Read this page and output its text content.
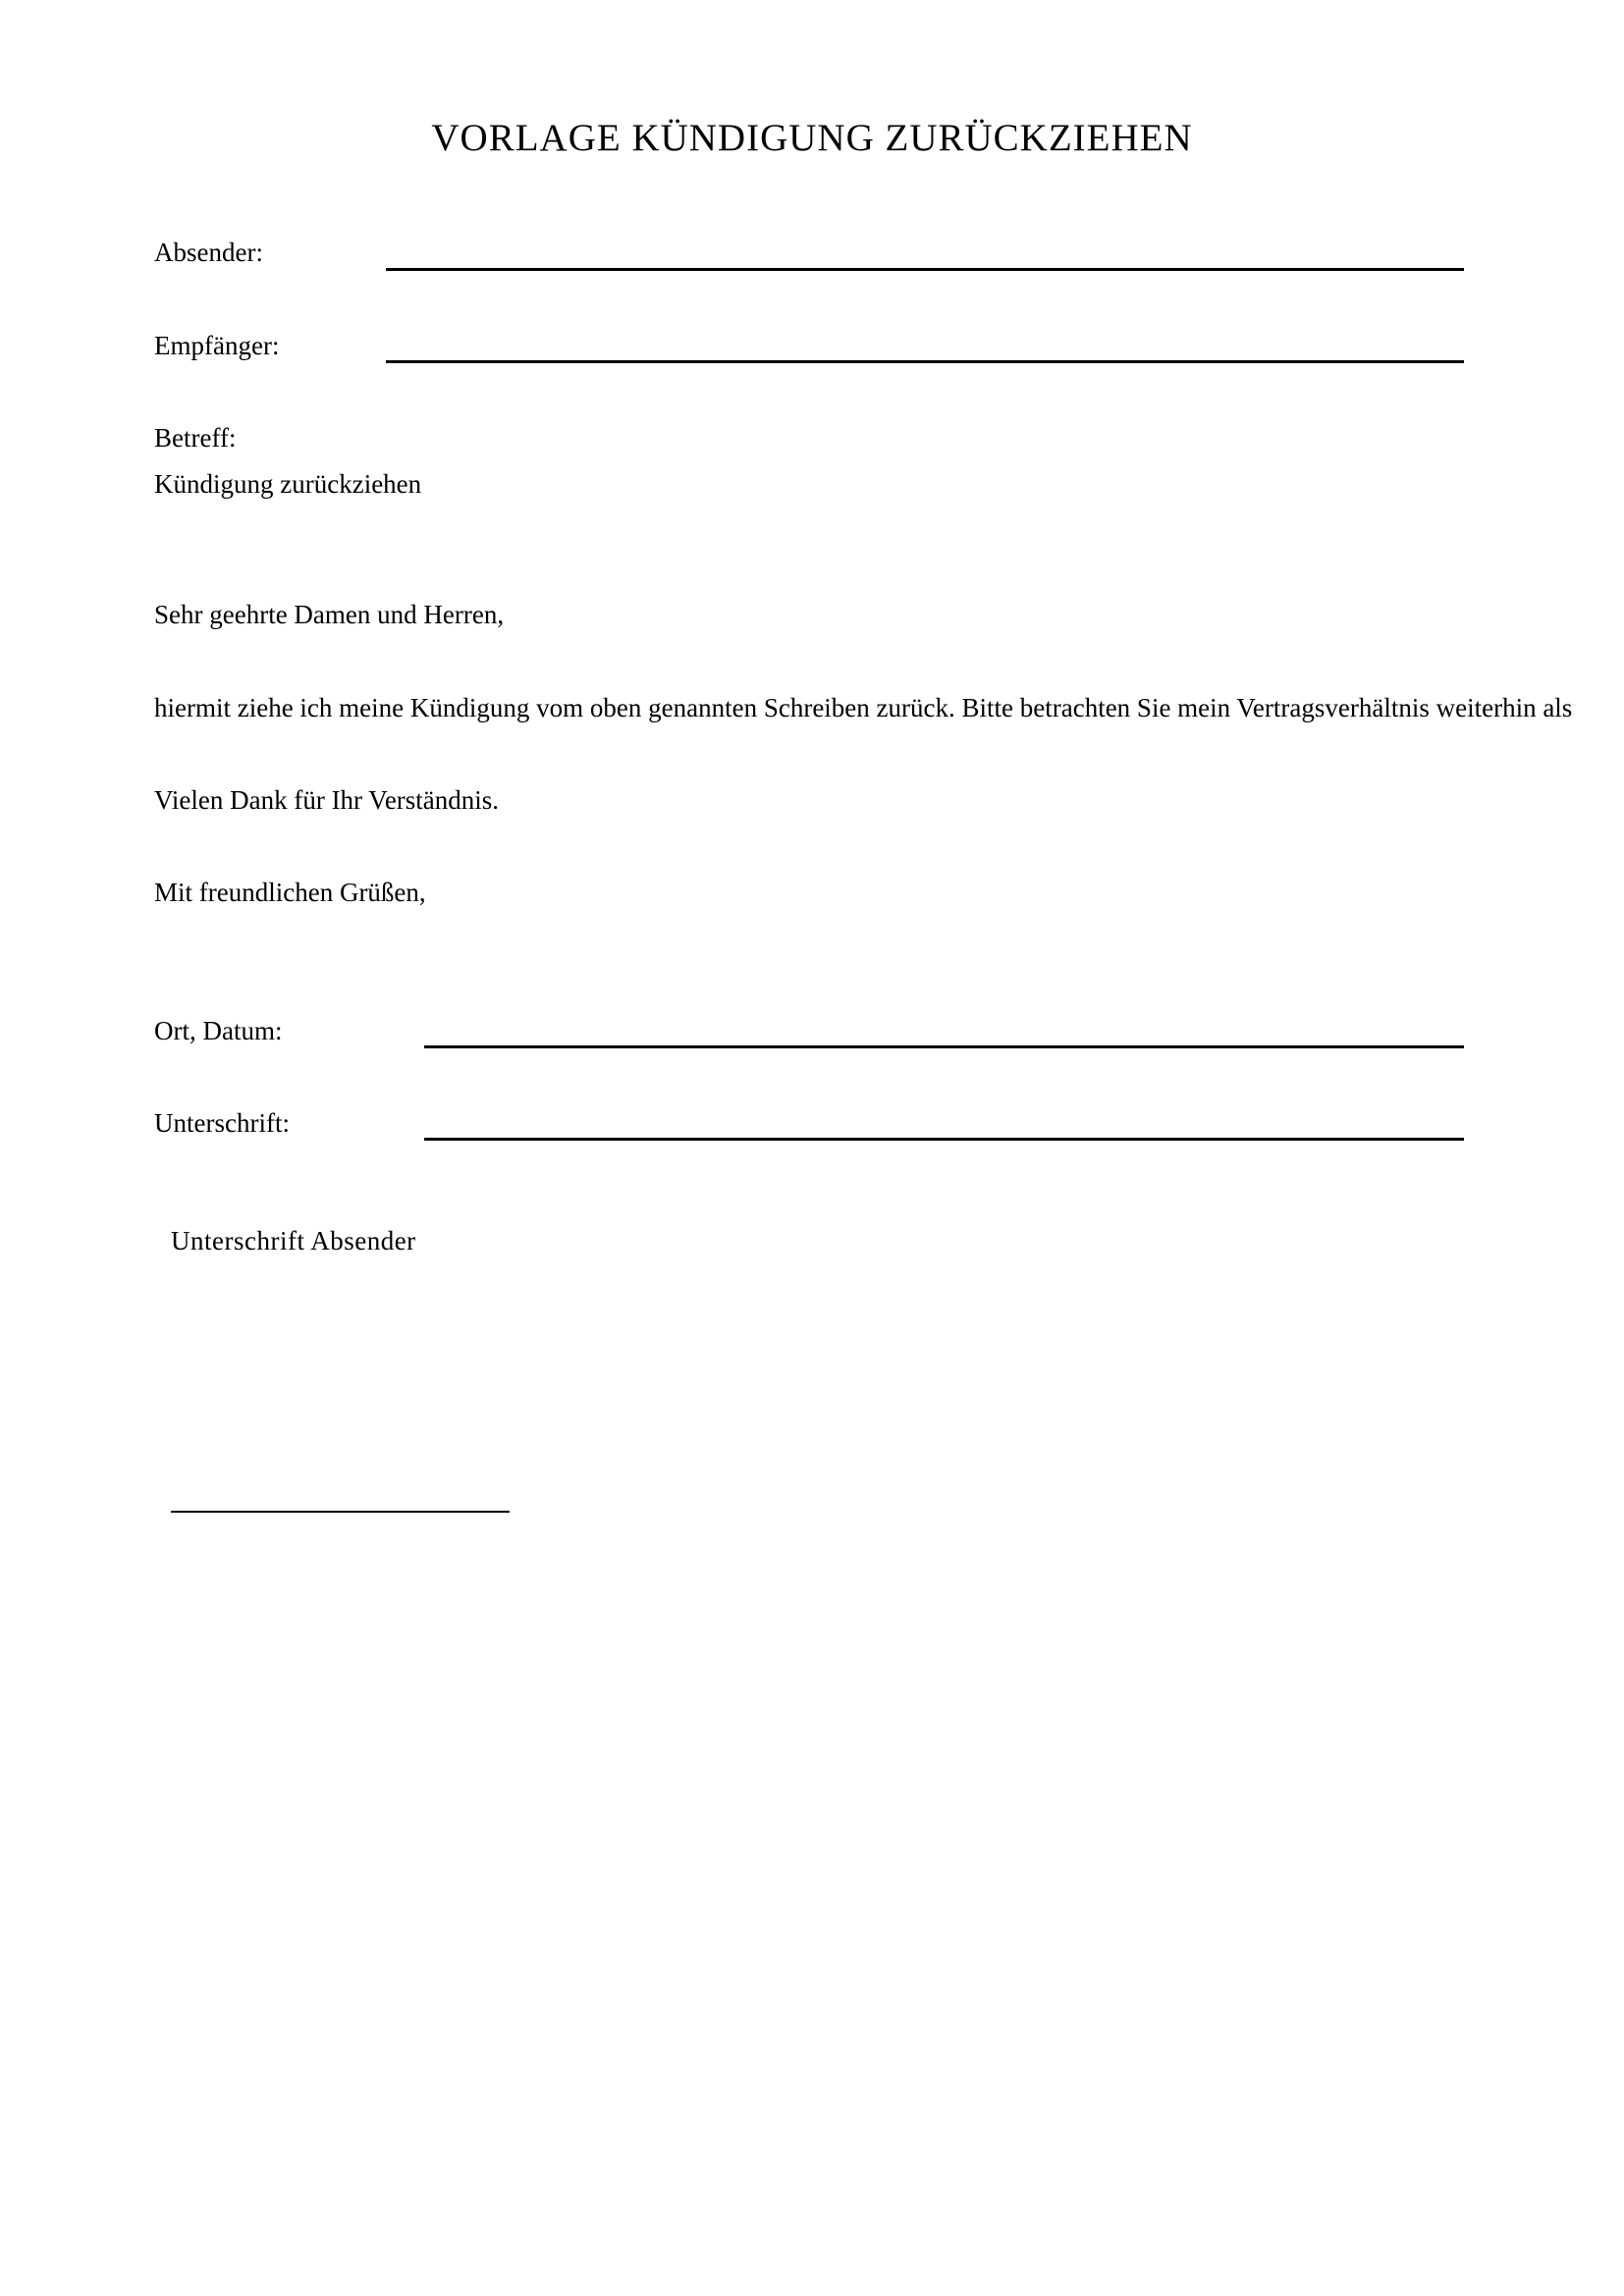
VORLAGE KÜNDIGUNG ZURÜCKZIEHEN
Absender:
Empfänger:
Betreff:
Kündigung zurückziehen
Sehr geehrte Damen und Herren,
hiermit ziehe ich meine Kündigung vom oben genannten Schreiben zurück. Bitte betrachten Sie mein Vertragsverhältnis weiterhin als
Vielen Dank für Ihr Verständnis.
Mit freundlichen Grüßen,
Ort, Datum:
Unterschrift:
Unterschrift Absender
